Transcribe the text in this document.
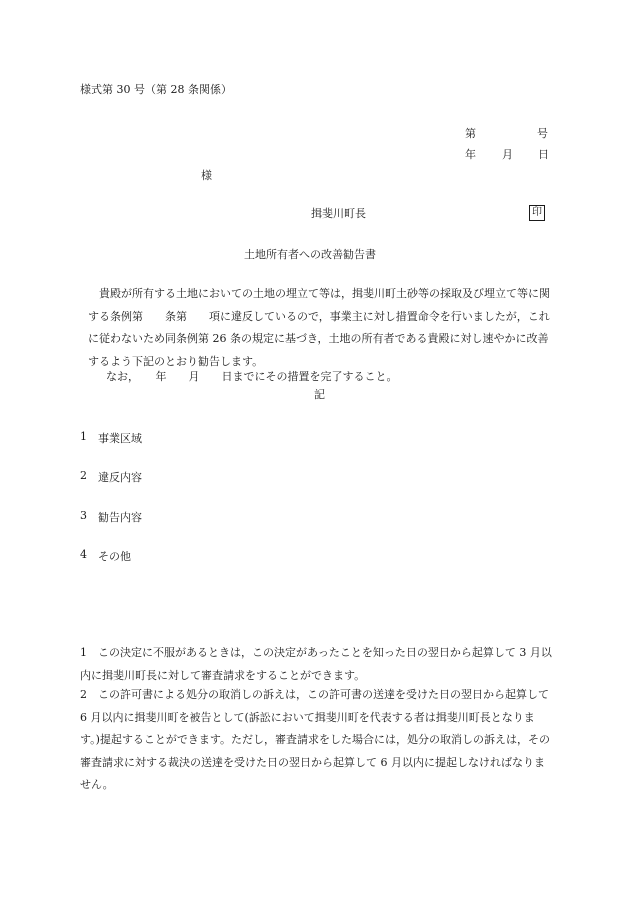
様式第 30 号（第 28 条関係）
第	号
年 月 日
様
揖斐川町長	印
土地所有者への改善勧告書
　貴殿が所有する土地においての土地の埋立て等は，揖斐川町土砂等の採取及び埋立て等に関する条例第　　条第　　項に違反しているので，事業主に対し措置命令を行いましたが，これに従わないため同条例第 26 条の規定に基づき，土地の所有者である貴殿に対し速やかに改善するよう下記のとおり勧告します。
なお，　　年　　月　　日までにその措置を完了すること。
記
1 事業区域
2 違反内容
3 勧告内容
4 その他
1　この決定に不服があるときは，この決定があったことを知った日の翌日から起算して 3 月以内に揖斐川町長に対して審査請求をすることができます。
2　この許可書による処分の取消しの訴えは，この許可書の送達を受けた日の翌日から起算して 6 月以内に揖斐川町を被告として(訴訟において揖斐川町を代表する者は揖斐川町長となります。)提起することができます。ただし，審査請求をした場合には，処分の取消しの訴えは，その審査請求に対する裁決の送達を受けた日の翌日から起算して 6 月以内に提起しなければなりません。
